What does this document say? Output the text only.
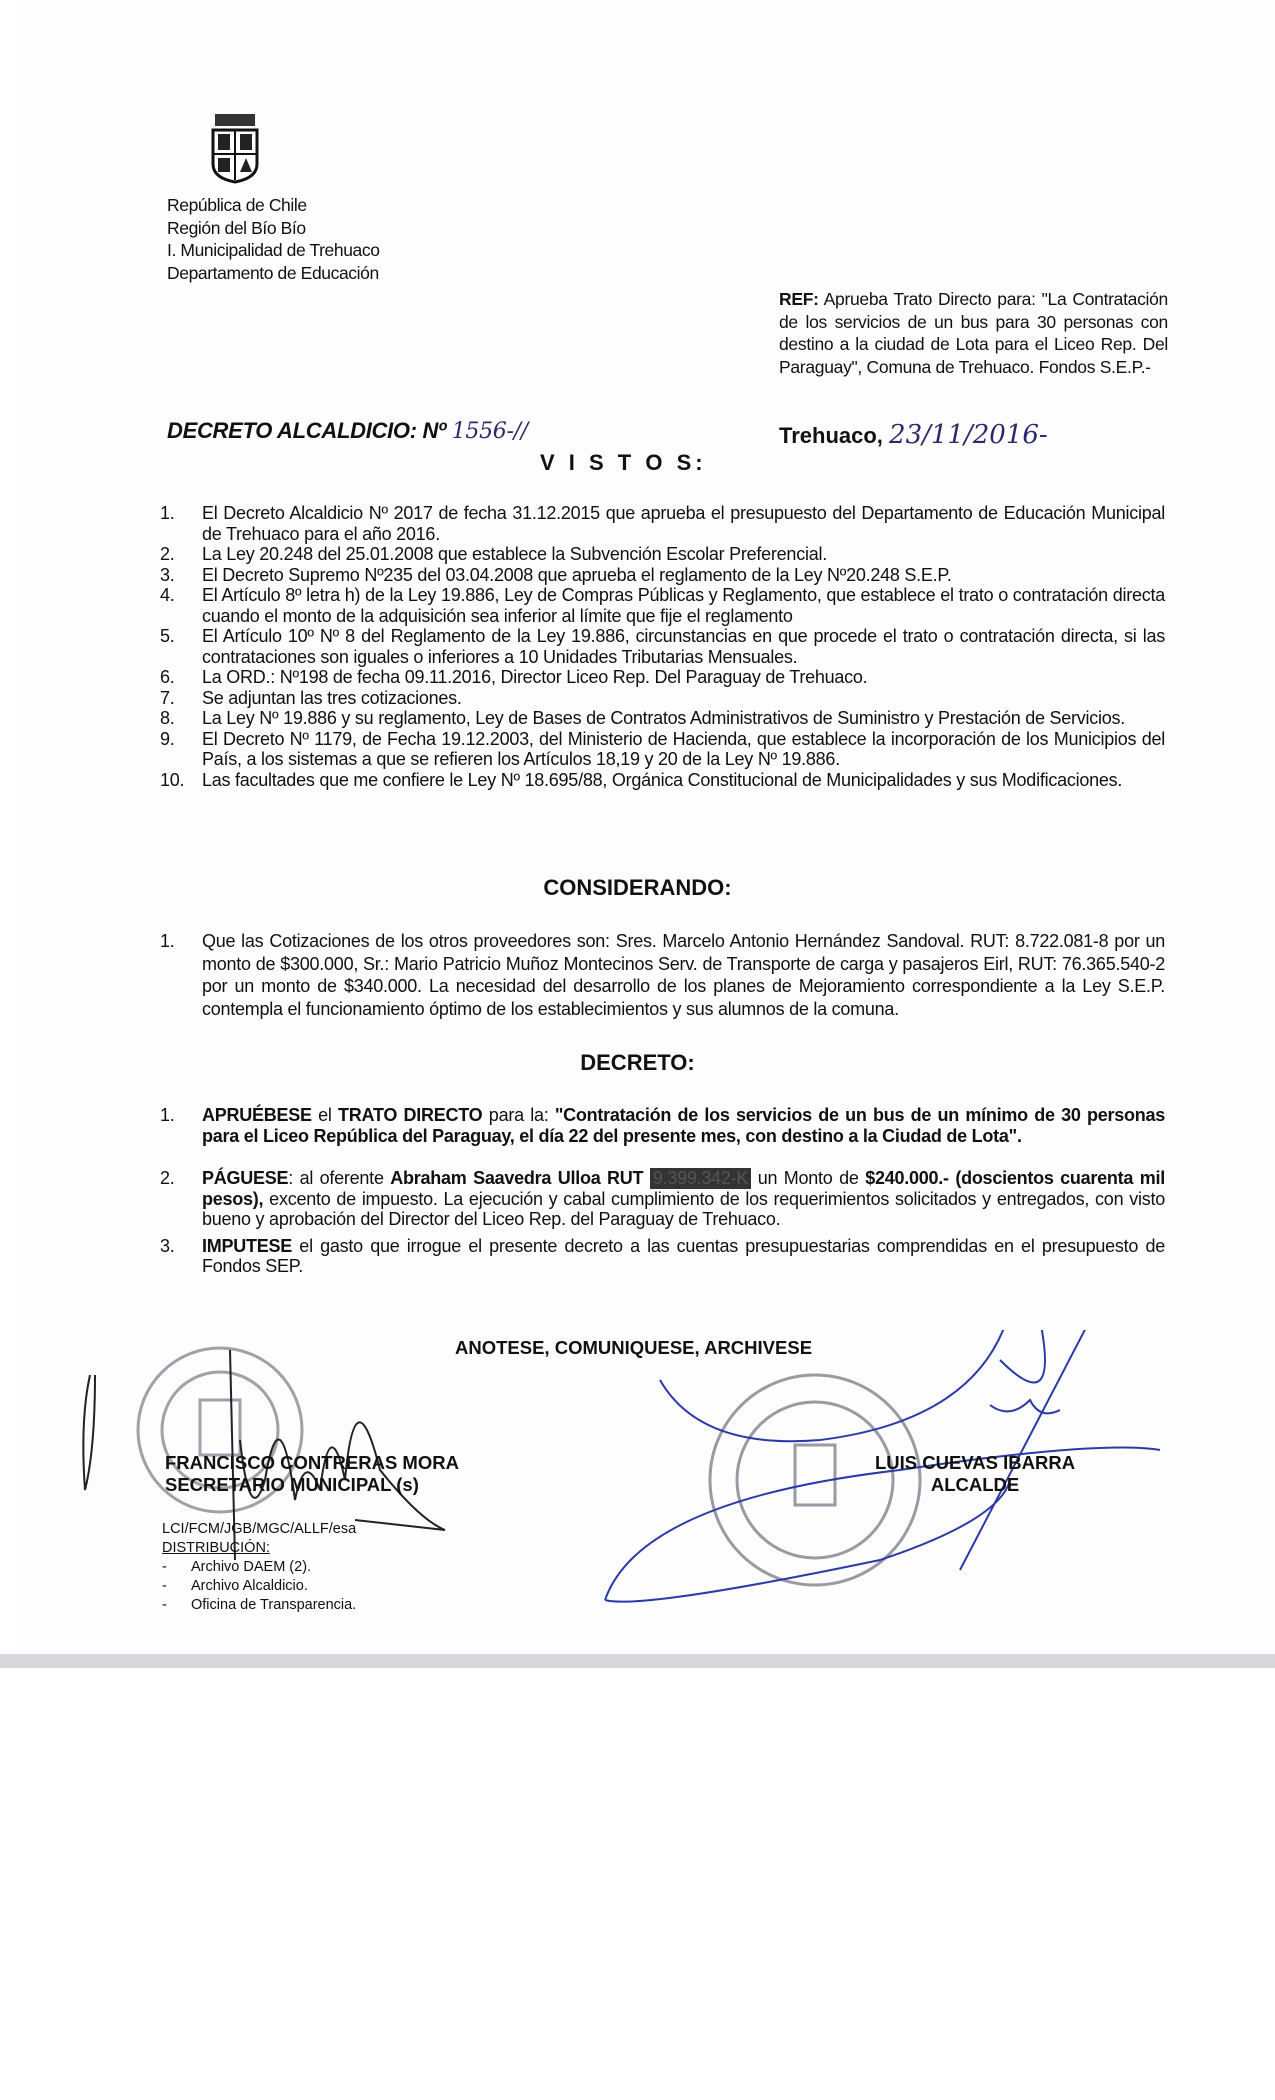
República de Chile
Región del Bío Bío
I. Municipalidad de Trehuaco
Departamento de Educación
REF: Aprueba Trato Directo para: "La Contratación de los servicios de un bus para 30 personas con destino a la ciudad de Lota para el Liceo Rep. Del Paraguay", Comuna de Trehuaco. Fondos S.E.P.-
DECRETO ALCALDICIO: Nº 1556-//	Trehuaco, 23/11/2016-
V I S T O S:
1. El Decreto Alcaldicio Nº 2017 de fecha 31.12.2015 que aprueba el presupuesto del Departamento de Educación Municipal de Trehuaco para el año 2016.
2. La Ley 20.248 del 25.01.2008 que establece la Subvención Escolar Preferencial.
3. El Decreto Supremo Nº235 del 03.04.2008 que aprueba el reglamento de la Ley Nº20.248 S.E.P.
4. El Artículo 8º letra h) de la Ley 19.886, Ley de Compras Públicas y Reglamento, que establece el trato o contratación directa cuando el monto de la adquisición sea inferior al límite que fije el reglamento
5. El Artículo 10º Nº 8 del Reglamento de la Ley 19.886, circunstancias en que procede el trato o contratación directa, si las contrataciones son iguales o inferiores a 10 Unidades Tributarias Mensuales.
6. La ORD.: Nº198 de fecha 09.11.2016, Director Liceo Rep. Del Paraguay de Trehuaco.
7. Se adjuntan las tres cotizaciones.
8. La Ley Nº 19.886 y su reglamento, Ley de Bases de Contratos Administrativos de Suministro y Prestación de Servicios.
9. El Decreto Nº 1179, de Fecha 19.12.2003, del Ministerio de Hacienda, que establece la incorporación de los Municipios del País, a los sistemas a que se refieren los Artículos 18,19 y 20 de la Ley Nº 19.886.
10. Las facultades que me confiere le Ley Nº 18.695/88, Orgánica Constitucional de Municipalidades y sus Modificaciones.
CONSIDERANDO:
1. Que las Cotizaciones de los otros proveedores son: Sres. Marcelo Antonio Hernández Sandoval. RUT: 8.722.081-8 por un monto de $300.000, Sr.: Mario Patricio Muñoz Montecinos Serv. de Transporte de carga y pasajeros Eirl, RUT: 76.365.540-2 por un monto de $340.000. La necesidad del desarrollo de los planes de Mejoramiento correspondiente a la Ley S.E.P. contempla el funcionamiento óptimo de los establecimientos y sus alumnos de la comuna.
DECRETO:
1. APRUÉBESE el TRATO DIRECTO para la: "Contratación de los servicios de un bus de un mínimo de 30 personas para el Liceo República del Paraguay, el día 22 del presente mes, con destino a la Ciudad de Lota".
2. PÁGUESE: al oferente Abraham Saavedra Ulloa RUT 9.399.342-K un Monto de $240.000.- (doscientos cuarenta mil pesos), excento de impuesto. La ejecución y cabal cumplimiento de los requerimientos solicitados y entregados, con visto bueno y aprobación del Director del Liceo Rep. del Paraguay de Trehuaco.
3. IMPUTESE el gasto que irrogue el presente decreto a las cuentas presupuestarias comprendidas en el presupuesto de Fondos SEP.
ANOTESE, COMUNIQUESE, ARCHIVESE
FRANCISCO CONTRERAS MORA
SECRETARIO MUNICIPAL (s)
LUIS CUEVAS IBARRA
ALCALDE
LCI/FCM/JGB/MGC/ALLF/esa
DISTRIBUCIÓN:
-      Archivo DAEM (2).
-      Archivo Alcaldicio.
-      Oficina de Transparencia.
